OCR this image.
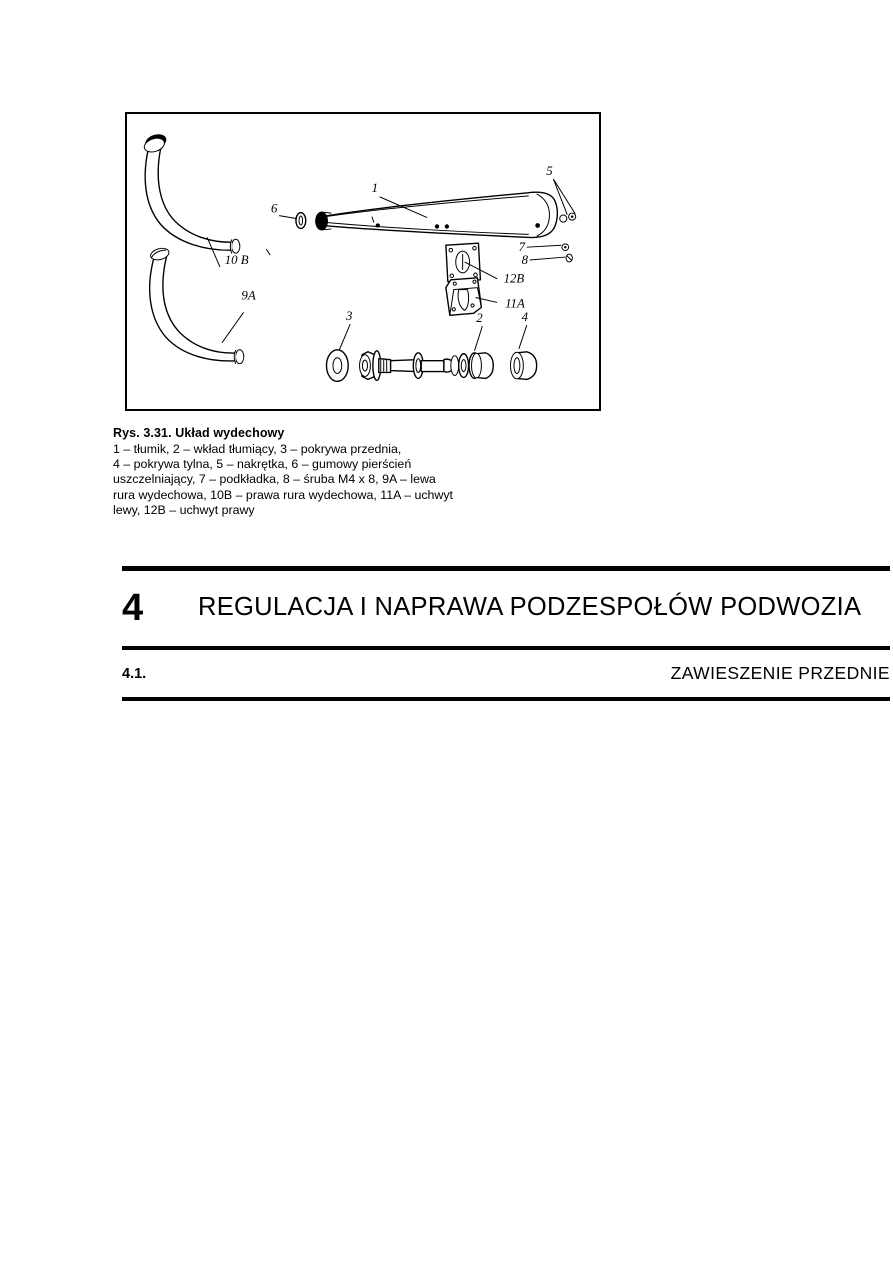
1
2
3	4
5
6
7
8
9A
10 B
11A
12B
Rys. 3.31. Układ wydechowy
1 – tłumik, 2 – wkład tłumiący, 3 – pokrywa przednia,
4 – pokrywa tylna, 5 – nakrętka, 6 – gumowy pierścień
uszczelniający, 7 – podkładka, 8 – śruba M4 x 8, 9A – lewa
rura wydechowa, 10B – prawa rura wydechowa, 11A – uchwyt
lewy, 12B – uchwyt prawy
4	REGULACJA I NAPRAWA PODZESPOŁÓW PODWOZIA
4.1.	ZAWIESZENIE PRZEDNIE
